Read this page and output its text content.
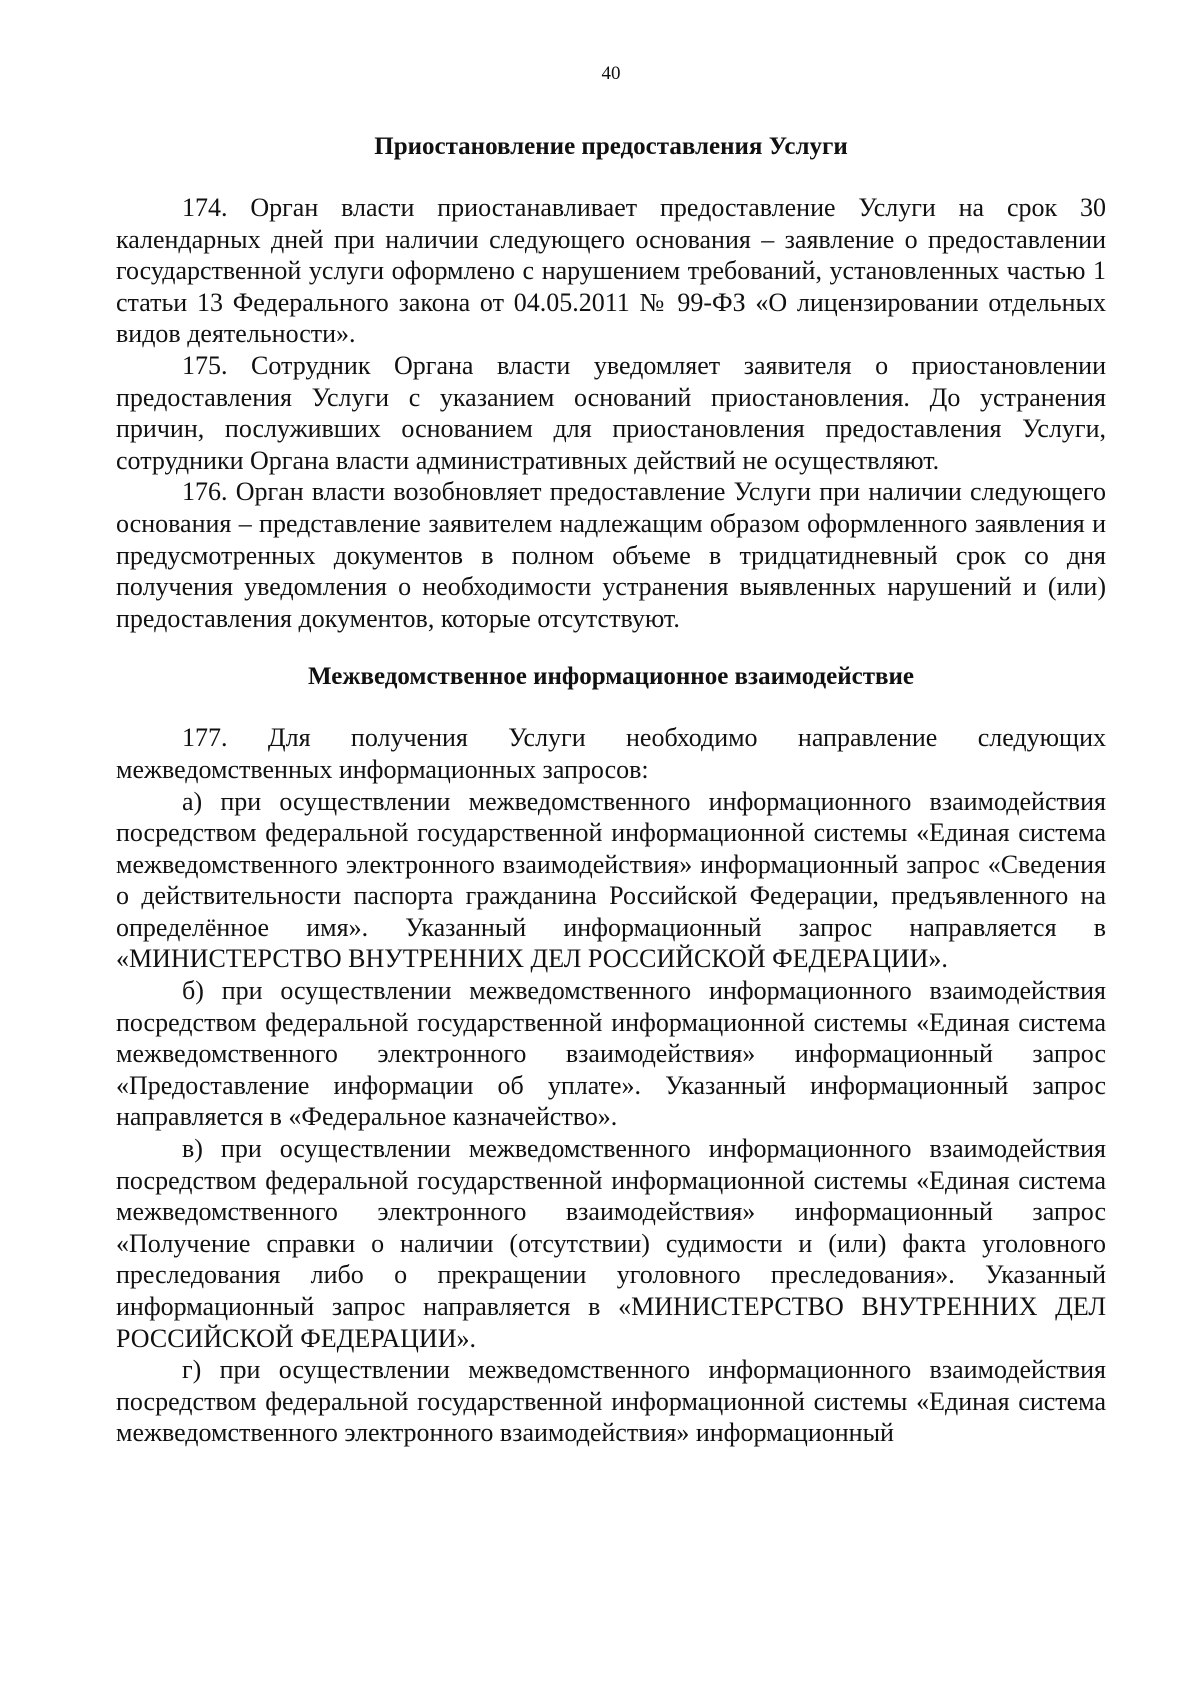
40
Приостановление предоставления Услуги

174. Орган власти приостанавливает предоставление Услуги на срок 30 календарных дней при наличии следующего основания – заявление о предоставлении государственной услуги оформлено с нарушением требований, установленных частью 1 статьи 13 Федерального закона от 04.05.2011 № 99-ФЗ «О лицензировании отдельных видов деятельности».

175. Сотрудник Органа власти уведомляет заявителя о приостановлении предоставления Услуги с указанием оснований приостановления. До устранения причин, послуживших основанием для приостановления предоставления Услуги, сотрудники Органа власти административных действий не осуществляют.

176. Орган власти возобновляет предоставление Услуги при наличии следующего основания – представление заявителем надлежащим образом оформленного заявления и предусмотренных документов в полном объеме в тридцатидневный срок со дня получения уведомления о необходимости устранения выявленных нарушений и (или) предоставления документов, которые отсутствуют.

Межведомственное информационное взаимодействие

177. Для получения Услуги необходимо направление следующих межведомственных информационных запросов:

а) при осуществлении межведомственного информационного взаимодействия посредством федеральной государственной информационной системы «Единая система межведомственного электронного взаимодействия» информационный запрос «Сведения о действительности паспорта гражданина Российской Федерации, предъявленного на определённое имя». Указанный информационный запрос направляется в «МИНИСТЕРСТВО ВНУТРЕННИХ ДЕЛ РОССИЙСКОЙ ФЕДЕРАЦИИ».

б) при осуществлении межведомственного информационного взаимодействия посредством федеральной государственной информационной системы «Единая система межведомственного электронного взаимодействия» информационный запрос «Предоставление информации об уплате». Указанный информационный запрос направляется в «Федеральное казначейство».

в) при осуществлении межведомственного информационного взаимодействия посредством федеральной государственной информационной системы «Единая система межведомственного электронного взаимодействия» информационный запрос «Получение справки о наличии (отсутствии) судимости и (или) факта уголовного преследования либо о прекращении уголовного преследования». Указанный информационный запрос направляется в «МИНИСТЕРСТВО ВНУТРЕННИХ ДЕЛ РОССИЙСКОЙ ФЕДЕРАЦИИ».

г) при осуществлении межведомственного информационного взаимодействия посредством федеральной государственной информационной системы «Единая система межведомственного электронного взаимодействия» информационный
